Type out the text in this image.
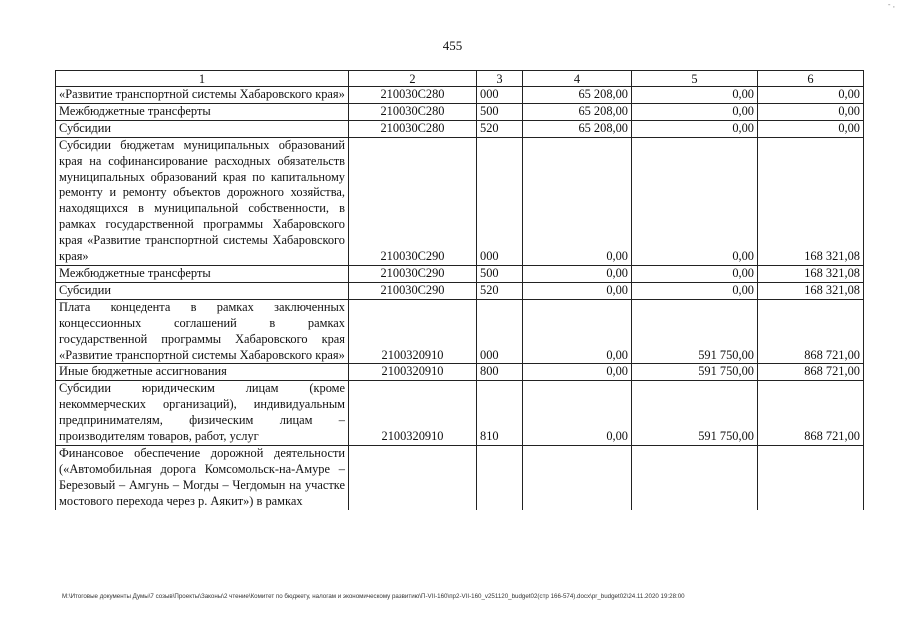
- ,
455
1	2	3	4	5	6
«Развитие транспортной системы Хабаровского края»	210030С280	000	65 208,00	0,00	0,00
Межбюджетные трансферты	210030С280	500	65 208,00	0,00	0,00
Субсидии	210030С280	520	65 208,00	0,00	0,00
Субсидии бюджетам муниципальных образований края на софинансирование расходных обязательств муниципальных образований края по капитальному ремонту и ремонту объектов дорожного хозяйства, находящихся в муниципальной собственности, в рамках государственной программы Хабаровского края «Развитие транспортной системы Хабаровского края»	210030С290	000	0,00	0,00	168 321,08
Межбюджетные трансферты	210030С290	500	0,00	0,00	168 321,08
Субсидии	210030С290	520	0,00	0,00	168 321,08
Плата концедента в рамках заключенных концессионных соглашений в рамках государственной программы Хабаровского края «Развитие транспортной системы Хабаровского края»	2100320910	000	0,00	591 750,00	868 721,00
Иные бюджетные ассигнования	2100320910	800	0,00	591 750,00	868 721,00
Субсидии юридическим лицам (кроме некоммерческих организаций), индивидуальным предпринимателям, физическим лицам – производителям товаров, работ, услуг	2100320910	810	0,00	591 750,00	868 721,00
Финансовое обеспечение дорожной деятельности («Автомобильная дорога Комсомольск-на-Амуре – Березовый – Амгунь – Могды – Чегдомын на участке мостового перехода через р. Аякит») в рамках					
М:\Итоговые документы Думы\7 созыв\Проекты\Законы\2 чтение\Комитет по бюджету, налогам и экономическому развитию\П-VII-160\пр2-VII-160_v251120_budget02(стр 166-574).docx\pr_budget02\24.11.2020 19:28:00
